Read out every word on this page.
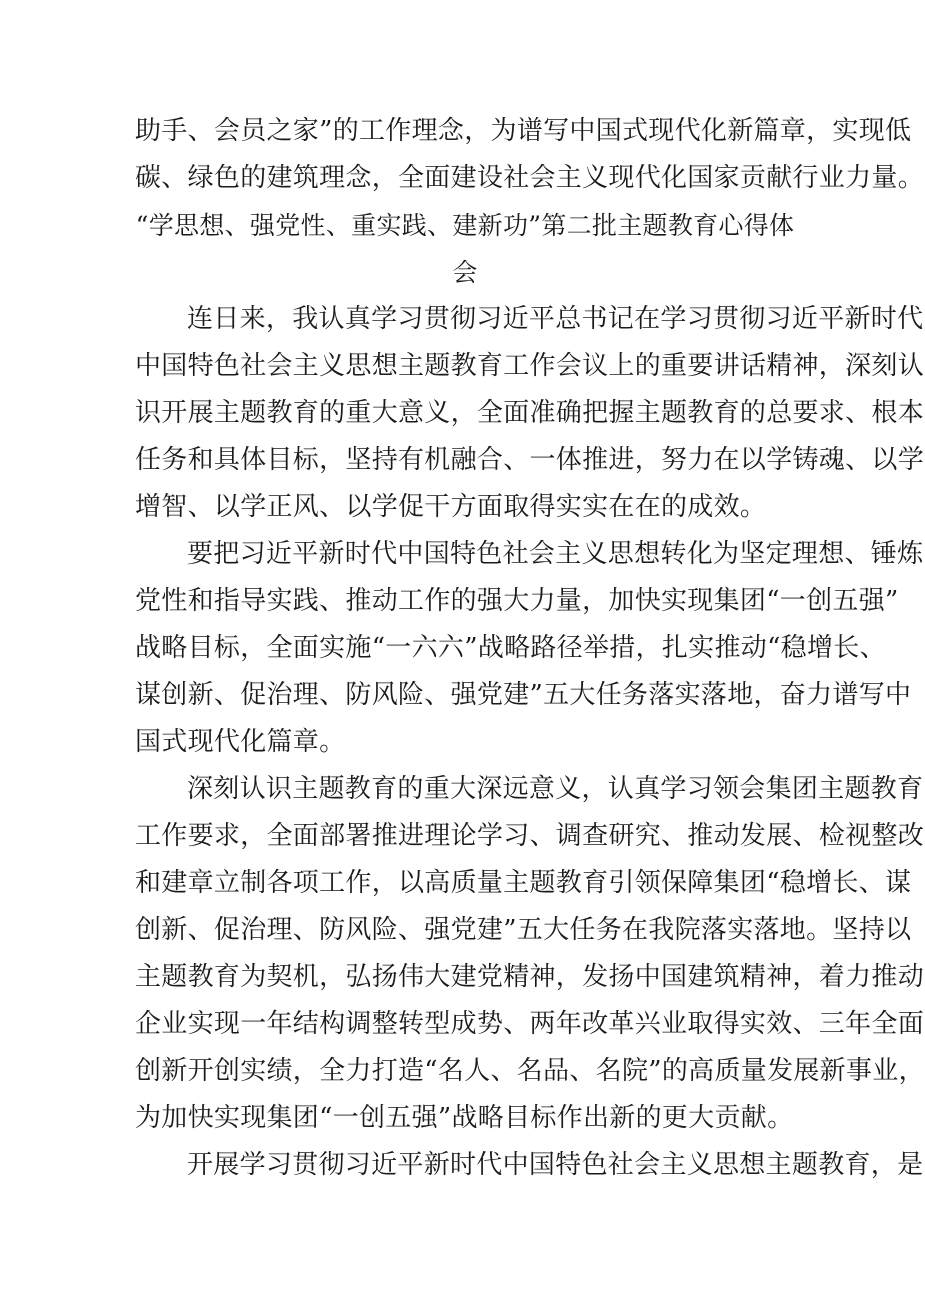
助手、会员之家”的工作理念，为谱写中国式现代化新篇章，实现低
碳、绿色的建筑理念，全面建设社会主义现代化国家贡献行业力量。

“学思想、强党性、重实践、建新功”第二批主题教育心得体会

连日来，我认真学习贯彻习近平总书记在学习贯彻习近平新时代
中国特色社会主义思想主题教育工作会议上的重要讲话精神，深刻认
识开展主题教育的重大意义，全面准确把握主题教育的总要求、根本
任务和具体目标，坚持有机融合、一体推进，努力在以学铸魂、以学
增智、以学正风、以学促干方面取得实实在在的成效。

要把习近平新时代中国特色社会主义思想转化为坚定理想、锤炼
党性和指导实践、推动工作的强大力量，加快实现集团“一创五强”
战略目标，全面实施“一六六”战略路径举措，扎实推动“稳增长、
谋创新、促治理、防风险、强党建”五大任务落实落地，奋力谱写中
国式现代化篇章。

深刻认识主题教育的重大深远意义，认真学习领会集团主题教育
工作要求，全面部署推进理论学习、调查研究、推动发展、检视整改
和建章立制各项工作，以高质量主题教育引领保障集团“稳增长、谋
创新、促治理、防风险、强党建”五大任务在我院落实落地。坚持以
主题教育为契机，弘扬伟大建党精神，发扬中国建筑精神，着力推动
企业实现一年结构调整转型成势、两年改革兴业取得实效、三年全面
创新开创实绩，全力打造“名人、名品、名院”的高质量发展新事业，
为加快实现集团“一创五强”战略目标作出新的更大贡献。

开展学习贯彻习近平新时代中国特色社会主义思想主题教育，是
